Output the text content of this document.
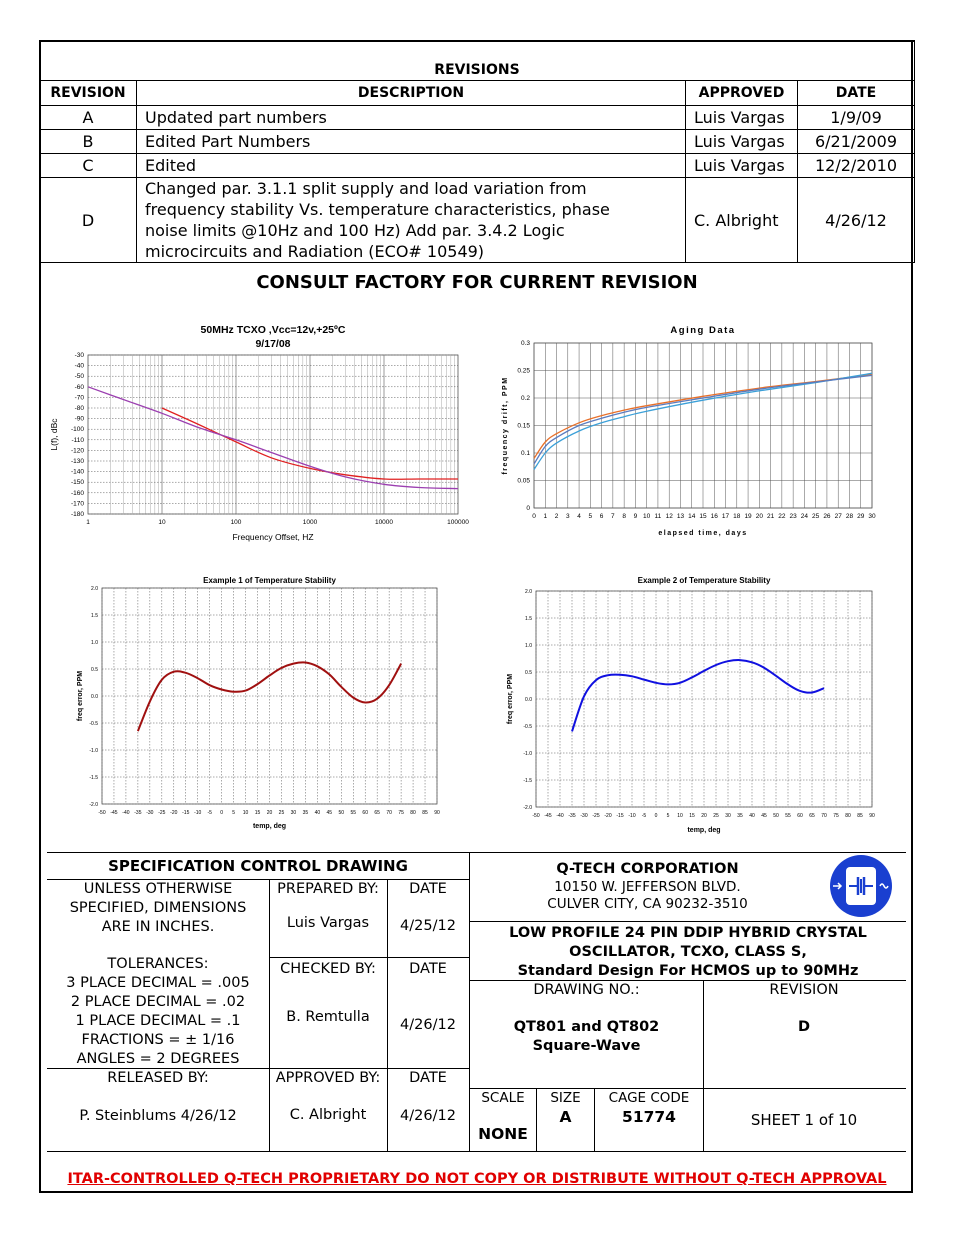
REVISIONS			
REVISION	DESCRIPTION	APPROVED	DATE
A	Updated part numbers	Luis Vargas	1/9/09
B	Edited Part Numbers	Luis Vargas	6/21/2009
C	Edited	Luis Vargas	12/2/2010
D	Changed par. 3.1.1 split supply and load variation from frequency stability Vs. temperature characteristics, phase noise limits @10Hz and 100 Hz) Add par. 3.4.2 Logic microcircuits and Radiation (ECO# 10549)	C. Albright	4/26/12
CONSULT FACTORY FOR CURRENT REVISION
50MHz TCXO ,Vcc=12v,+25ºC
9/17/08
-30
-40
-50
-60
-70
-80
-90
-100
-110
-120
-130
-140
-150
-160
-170
-180
1	10	100	1000	10000	100000
Frequency Offset, HZ
L(f), dBc
Aging Data
0
0.05
0.1
0.15
0.2
0.25
0.3
0 1 2 3 4 5 6 7 8 9 10 11 12 13 14 15 16 17 18 19 20 21 22 23 24 25 26 27 28 29 30
elapsed time, days
frequency drift, PPM
Example 1 of Temperature Stability
2.0
1.5
1.0
0.5
0.0
-0.5
-1.0
-1.5
-2.0
-50 -45 -40 -35 -30 -25 -20 -15 -10 -5 0 5 10 15 20 25 30 35 40 45 50 55 60 65 70 75 80 85 90
temp, deg
freq error, PPM
Example 2 of Temperature Stability
2.0
1.5
1.0
0.5
0.0
-0.5
-1.0
-1.5
-2.0
-50 -45 -40 -35 -30 -25 -20 -15 -10 -5 0 5 10 15 20 25 30 35 40 45 50 55 60 65 70 75 80 85 90
temp, deg
freq error, PPM
SPECIFICATION CONTROL DRAWING
UNLESS OTHERWISE
SPECIFIED, DIMENSIONS
ARE IN INCHES.
TOLERANCES:
3 PLACE DECIMAL = .005
2 PLACE DECIMAL = .02
1 PLACE DECIMAL = .1
FRACTIONS = ± 1/16
ANGLES = 2 DEGREES
PREPARED BY:	DATE
Luis Vargas	4/25/12
CHECKED BY:	DATE
B. Remtulla	4/26/12
RELEASED BY:	APPROVED BY:	DATE
P. Steinblums 4/26/12	C. Albright	4/26/12
Q-TECH CORPORATION
10150 W. JEFFERSON BLVD.
CULVER CITY, CA 90232-3510
LOW PROFILE 24 PIN DDIP HYBRID CRYSTAL
OSCILLATOR, TCXO, CLASS S,
Standard Design For HCMOS up to 90MHz
DRAWING NO.:	REVISION
QT801 and QT802
Square-Wave
D
SCALE	SIZE	CAGE CODE
NONE
A	51774	SHEET 1 of 10
ITAR-CONTROLLED Q-TECH PROPRIETARY DO NOT COPY OR DISTRIBUTE WITHOUT Q-TECH APPROVAL
